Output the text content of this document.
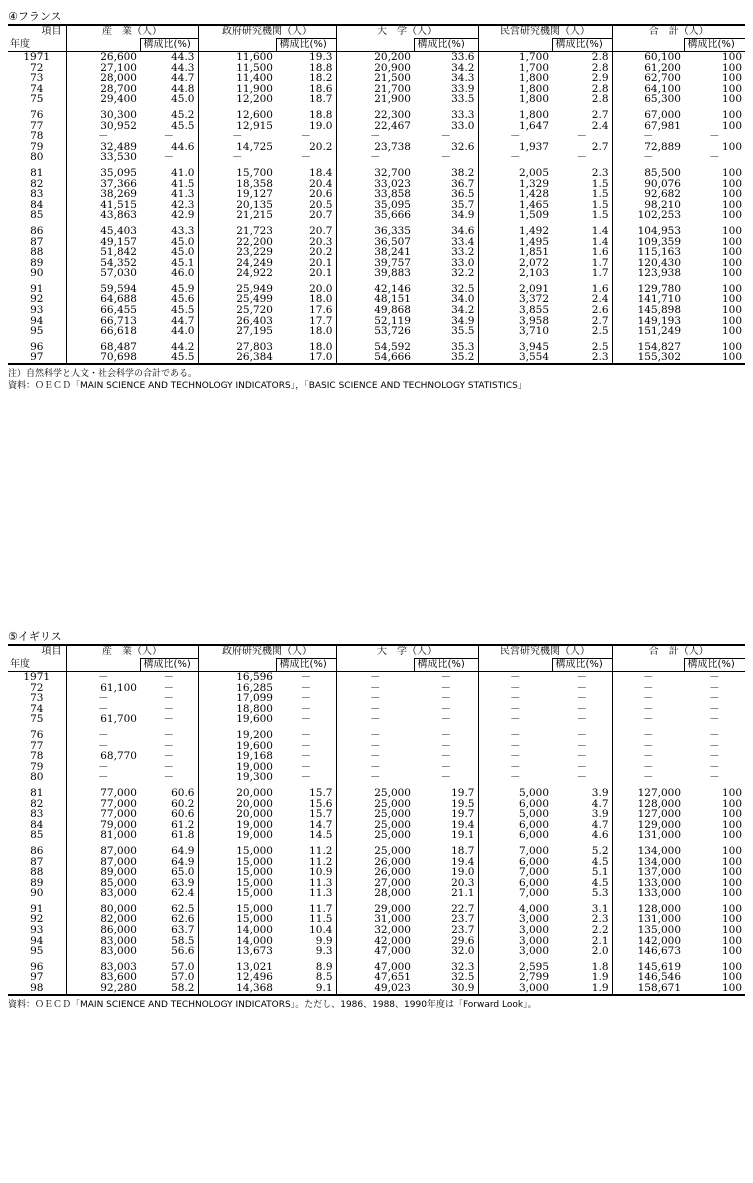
④フランス
項目	産　業（人）		政府研究機関（人）		大　学（人）		民営研究機関（人）		合　計（人）	
年度		構成比(%)		構成比(%)		構成比(%)		構成比(%)		構成比(%)
1971	26,600	44.3	11,600	19.3	20,200	33.6	1,700	2.8	60,100	100
72	27,100	44.3	11,500	18.8	20,900	34.2	1,700	2.8	61,200	100
73	28,000	44.7	11,400	18.2	21,500	34.3	1,800	2.9	62,700	100
74	28,700	44.8	11,900	18.6	21,700	33.9	1,800	2.8	64,100	100
75	29,400	45.0	12,200	18.7	21,900	33.5	1,800	2.8	65,300	100
76	30,300	45.2	12,600	18.8	22,300	33.3	1,800	2.7	67,000	100
77	30,952	45.5	12,915	19.0	22,467	33.0	1,647	2.4	67,981	100
78	－	－	－	－	－	－	－	－	－	－
79	32,489	44.6	14,725	20.2	23,738	32.6	1,937	2.7	72,889	100
80	33,530	－	－	－	－	－	－	－	－	－
81	35,095	41.0	15,700	18.4	32,700	38.2	2,005	2.3	85,500	100
82	37,366	41.5	18,358	20.4	33,023	36.7	1,329	1.5	90,076	100
83	38,269	41.3	19,127	20.6	33,858	36.5	1,428	1.5	92,682	100
84	41,515	42.3	20,135	20.5	35,095	35.7	1,465	1.5	98,210	100
85	43,863	42.9	21,215	20.7	35,666	34.9	1,509	1.5	102,253	100
86	45,403	43.3	21,723	20.7	36,335	34.6	1,492	1.4	104,953	100
87	49,157	45.0	22,200	20.3	36,507	33.4	1,495	1.4	109,359	100
88	51,842	45.0	23,229	20.2	38,241	33.2	1,851	1.6	115,163	100
89	54,352	45.1	24,249	20.1	39,757	33.0	2,072	1.7	120,430	100
90	57,030	46.0	24,922	20.1	39,883	32.2	2,103	1.7	123,938	100
91	59,594	45.9	25,949	20.0	42,146	32.5	2,091	1.6	129,780	100
92	64,688	45.6	25,499	18.0	48,151	34.0	3,372	2.4	141,710	100
93	66,455	45.5	25,720	17.6	49,868	34.2	3,855	2.6	145,898	100
94	66,713	44.7	26,403	17.7	52,119	34.9	3,958	2.7	149,193	100
95	66,618	44.0	27,195	18.0	53,726	35.5	3,710	2.5	151,249	100
96	68,487	44.2	27,803	18.0	54,592	35.3	3,945	2.5	154,827	100
97	70,698	45.5	26,384	17.0	54,666	35.2	3,554	2.3	155,302	100
注）自然科学と人文・社会科学の合計である。
資料：ＯＥＣＤ「MAIN SCIENCE AND TECHNOLOGY INDICATORS」，「BASIC SCIENCE AND TECHNOLOGY STATISTICS」
⑤イギリス
項目	産　業（人）		政府研究機関（人）		大　学（人）		民営研究機関（人）		合　計（人）	
年度		構成比(%)		構成比(%)		構成比(%)		構成比(%)		構成比(%)
1971	－	－	16,596	－	－	－	－	－	－	－
72	61,100	－	16,285	－	－	－	－	－	－	－
73	－	－	17,099	－	－	－	－	－	－	－
74	－	－	18,800	－	－	－	－	－	－	－
75	61,700	－	19,600	－	－	－	－	－	－	－
76	－	－	19,200	－	－	－	－	－	－	－
77	－	－	19,600	－	－	－	－	－	－	－
78	68,770	－	19,168	－	－	－	－	－	－	－
79	－	－	19,000	－	－	－	－	－	－	－
80	－	－	19,300	－	－	－	－	－	－	－
81	77,000	60.6	20,000	15.7	25,000	19.7	5,000	3.9	127,000	100
82	77,000	60.2	20,000	15.6	25,000	19.5	6,000	4.7	128,000	100
83	77,000	60.6	20,000	15.7	25,000	19.7	5,000	3.9	127,000	100
84	79,000	61.2	19,000	14.7	25,000	19.4	6,000	4.7	129,000	100
85	81,000	61.8	19,000	14.5	25,000	19.1	6,000	4.6	131,000	100
86	87,000	64.9	15,000	11.2	25,000	18.7	7,000	5.2	134,000	100
87	87,000	64.9	15,000	11.2	26,000	19.4	6,000	4.5	134,000	100
88	89,000	65.0	15,000	10.9	26,000	19.0	7,000	5.1	137,000	100
89	85,000	63.9	15,000	11.3	27,000	20.3	6,000	4.5	133,000	100
90	83,000	62.4	15,000	11.3	28,000	21.1	7,000	5.3	133,000	100
91	80,000	62.5	15,000	11.7	29,000	22.7	4,000	3.1	128,000	100
92	82,000	62.6	15,000	11.5	31,000	23.7	3,000	2.3	131,000	100
93	86,000	63.7	14,000	10.4	32,000	23.7	3,000	2.2	135,000	100
94	83,000	58.5	14,000	9.9	42,000	29.6	3,000	2.1	142,000	100
95	83,000	56.6	13,673	9.3	47,000	32.0	3,000	2.0	146,673	100
96	83,003	57.0	13,021	8.9	47,000	32.3	2,595	1.8	145,619	100
97	83,600	57.0	12,496	8.5	47,651	32.5	2,799	1.9	146,546	100
98	92,280	58.2	14,368	9.1	49,023	30.9	3,000	1.9	158,671	100
資料：ＯＥＣＤ「MAIN SCIENCE AND TECHNOLOGY INDICATORS」。ただし、1986、1988、1990年度は「Forward Look」。
